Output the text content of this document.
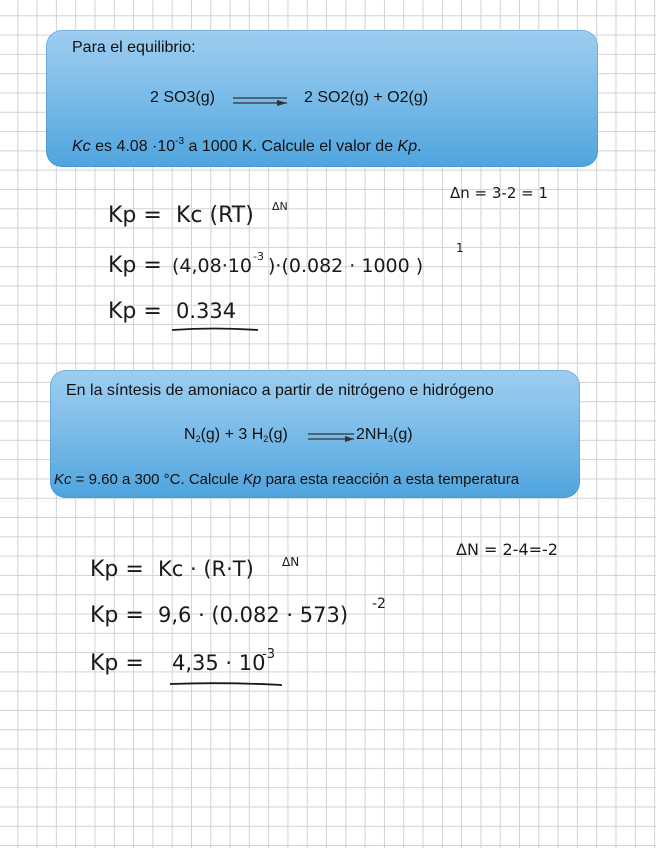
Para el equilibrio:
2 SO3(g)	2 SO2(g) + O2(g)
Kc es $4.08 \cdot 10^{-3}$ a 1000 K. Calcule el valor de Kp.
En la síntesis de amoniaco a partir de nitrógeno e hidrógeno
$N_2(g) + 3$ $H_2(g)$	$2NH_3(g)$
Kc = 9.60 a 300 °C. Calcule Kp para esta reacción a esta temperatura
Δn = 3-2 = 1
Kp = Kc (RT) ΔN
Kp = (4,08·10 -3 )·(0.082 · 1000 )
1
Kp = 0.334
ΔN = 2-4=-2
Kp = Kc · (R·T) ΔN
Kp = 9,6 · (0.082 · 573) -2
Kp = 4,35 · 10
-3
